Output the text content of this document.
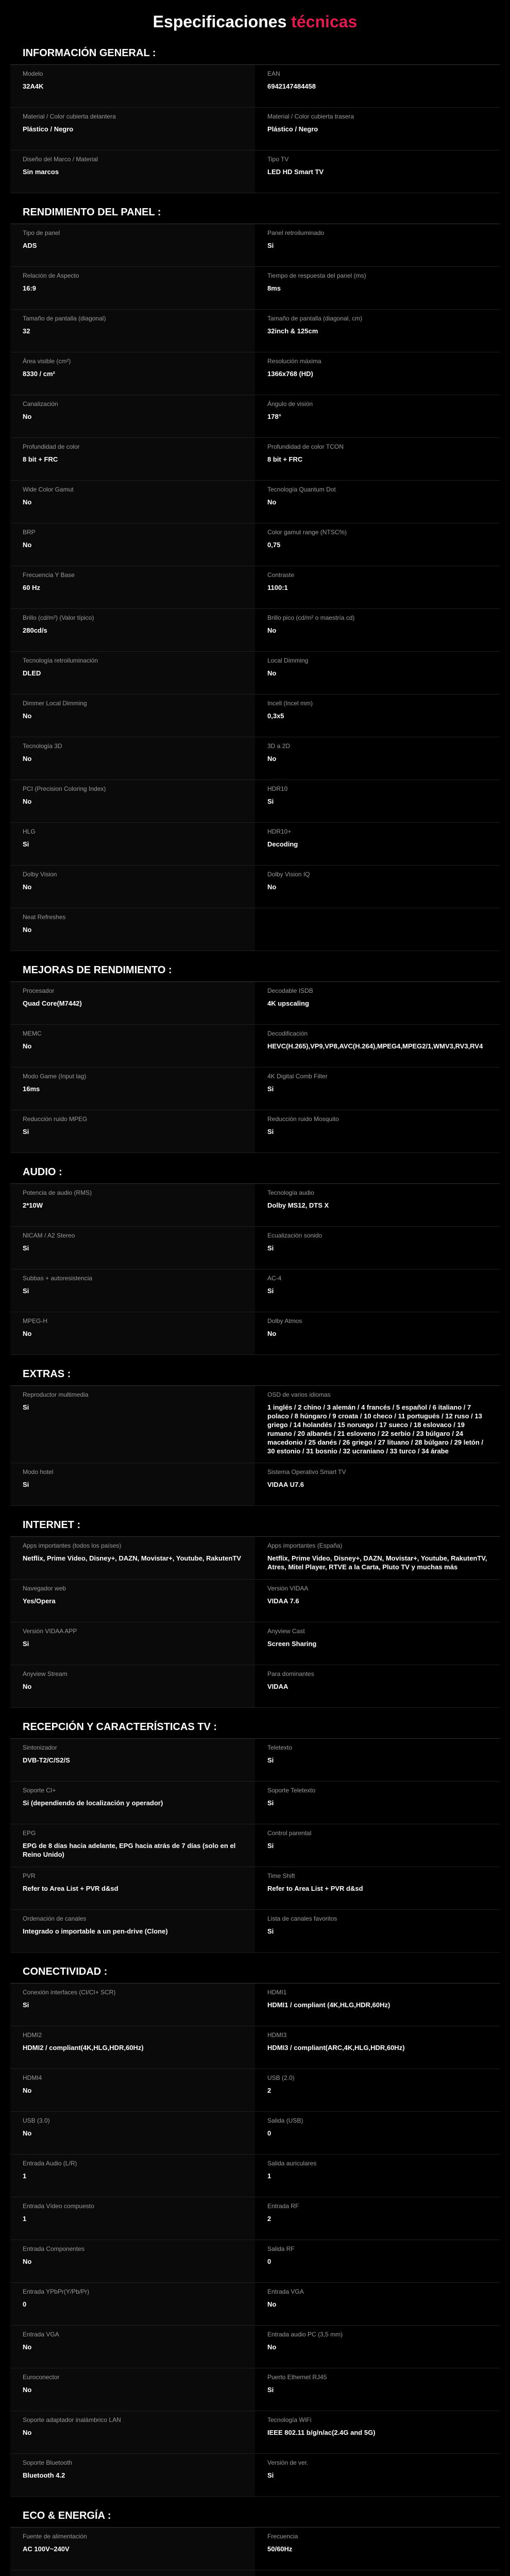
Especificaciones técnicas
INFORMACIÓN GENERAL :
Modelo
32A4K
EAN
6942147484458
Material / Color cubierta delantera
Plástico / Negro
Material / Color cubierta trasera
Plástico / Negro
Diseño del Marco / Material
Sin marcos
Tipo TV
LED HD Smart TV
RENDIMIENTO DEL PANEL :
Tipo de panel
ADS
Panel retroiluminado
Si
Relación de Aspecto
16:9
Tiempo de respuesta del panel (ms)
8ms
Tamaño de pantalla (diagonal)
32
Tamaño de pantalla (diagonal, cm)
32inch & 125cm
Área visible (cm²)
8330 / cm²
Resolución máxima
1366x768 (HD)
Canalización
No
Ángulo de visión
178°
Profundidad de color
8 bit + FRC
Profundidad de color TCON
8 bit + FRC
Wide Color Gamut
No
Tecnología Quantum Dot
No
BRP
No
Color gamut range (NTSC%)
0,75
Frecuencia Y Base
60 Hz
Contraste
1100:1
Brillo (cd/m²) (Valor típico)
280cd/s
Brillo pico (cd/m² o maestría cd)
No
Tecnología retroiluminación
DLED
Local Dimming
No
Dimmer Local Dimming
No
Incell (Incel mm)
0,3x5
Tecnología 3D
No
3D a 2D
No
PCI (Precision Coloring Index)
No
HDR10
Si
HLG
Si
HDR10+
Decoding
Dolby Vision
No
Dolby Vision IQ
No
Neat Refreshes
No
MEJORAS DE RENDIMIENTO :
Procesador
Quad Core(M7442)
Decodable ISDB
4K upscaling
MEMC
No
Decodificación
HEVC(H.265),VP9,VP8,AVC(H.264),MPEG4,MPEG2/1,WMV3,RV3,RV4
Modo Game (Input lag)
16ms
4K Digital Comb Filter
Si
Reducción ruido MPEG
Si
Reducción ruido Mosquito
Si
AUDIO :
Potencia de audio (RMS)
2*10W
Tecnología audio
Dolby MS12, DTS X
NICAM / A2 Stereo
Si
Ecualización sonido
Si
Subbas + autoresistencia
Si
AC-4
Si
MPEG-H
No
Dolby Atmos
No
EXTRAS :
Reproductor multimedia
Si
OSD de varios idiomas
1 inglés / 2 chino / 3 alemán / 4 francés / 5 español / 6 italiano / 7 polaco / 8 húngaro / 9 croata / 10 checo / 11 portugués / 12 ruso / 13 griego / 14 holandés / 15 noruego / 17 sueco / 18 eslovaco / 19 rumano / 20 albanés / 21 esloveno / 22 serbio / 23 búlgaro / 24 macedonio / 25 danés / 26 griego / 27 lituano / 28 búlgaro / 29 letón / 30 estonio / 31 bosnio / 32 ucraniano / 33 turco / 34 árabe
Modo hotel
Si
Sistema Operativo Smart TV
VIDAA U7.6
INTERNET :
Apps importantes (todos los países)
Netflix, Prime Video, Disney+, DAZN, Movistar+, Youtube, RakutenTV
Apps importantes (España)
Netflix, Prime Video, Disney+, DAZN, Movistar+, Youtube, RakutenTV, Atres, Mitel Player, RTVE a la Carta, Pluto TV y muchas más
Navegador web
Yes/Opera
Versión VIDAA
VIDAA 7.6
Versión VIDAA APP
Si
Anyview Cast
Screen Sharing
Anyview Stream
No
Para dominantes
VIDAA
RECEPCIÓN Y CARACTERÍSTICAS TV :
Sintonizador
DVB-T2/C/S2/S
Teletexto
Si
Soporte CI+
Si (dependiendo de localización y operador)
Soporte Teletexto
Si
EPG
EPG de 8 días hacia adelante, EPG hacia atrás de 7 días (solo en el Reino Unido)
Control parental
Si
PVR
Refer to Area List + PVR d&sd
Time Shift
Refer to Area List + PVR d&sd
Ordenación de canales
Integrado o importable a un pen-drive (Clone)
Lista de canales favoritos
Si
CONECTIVIDAD :
Conexión interfaces (CI/CI+ SCR)
Si
HDMI1
HDMI1 / compliant (4K,HLG,HDR,60Hz)
HDMI2
HDMI2 / compliant(4K,HLG,HDR,60Hz)
HDMI3
HDMI3 / compliant(ARC,4K,HLG,HDR,60Hz)
HDMI4
No
USB (2.0)
2
USB (3.0)
No
Salida (USB)
0
Entrada Audio (L/R)
1
Salida auriculares
1
Entrada Vídeo compuesto
1
Entrada RF
2
Entrada Componentes
No
Salida RF
0
Entrada YPbPr(Y/Pb/Pr)
0
Entrada VGA
No
Entrada VGA
No
Entrada audio PC (3,5 mm)
No
Euroconector
No
Puerto Ethernet RJ45
Si
Soporte adaptador inalámbrico LAN
No
Tecnología WiFi
IEEE 802.11 b/g/n/ac(2.4G and 5G)
Soporte Bluetooth
Bluetooth 4.2
Versión de ver.
Si
ECO & ENERGÍA :
Fuente de alimentación
AC 100V~240V
Frecuencia
50/60Hz
